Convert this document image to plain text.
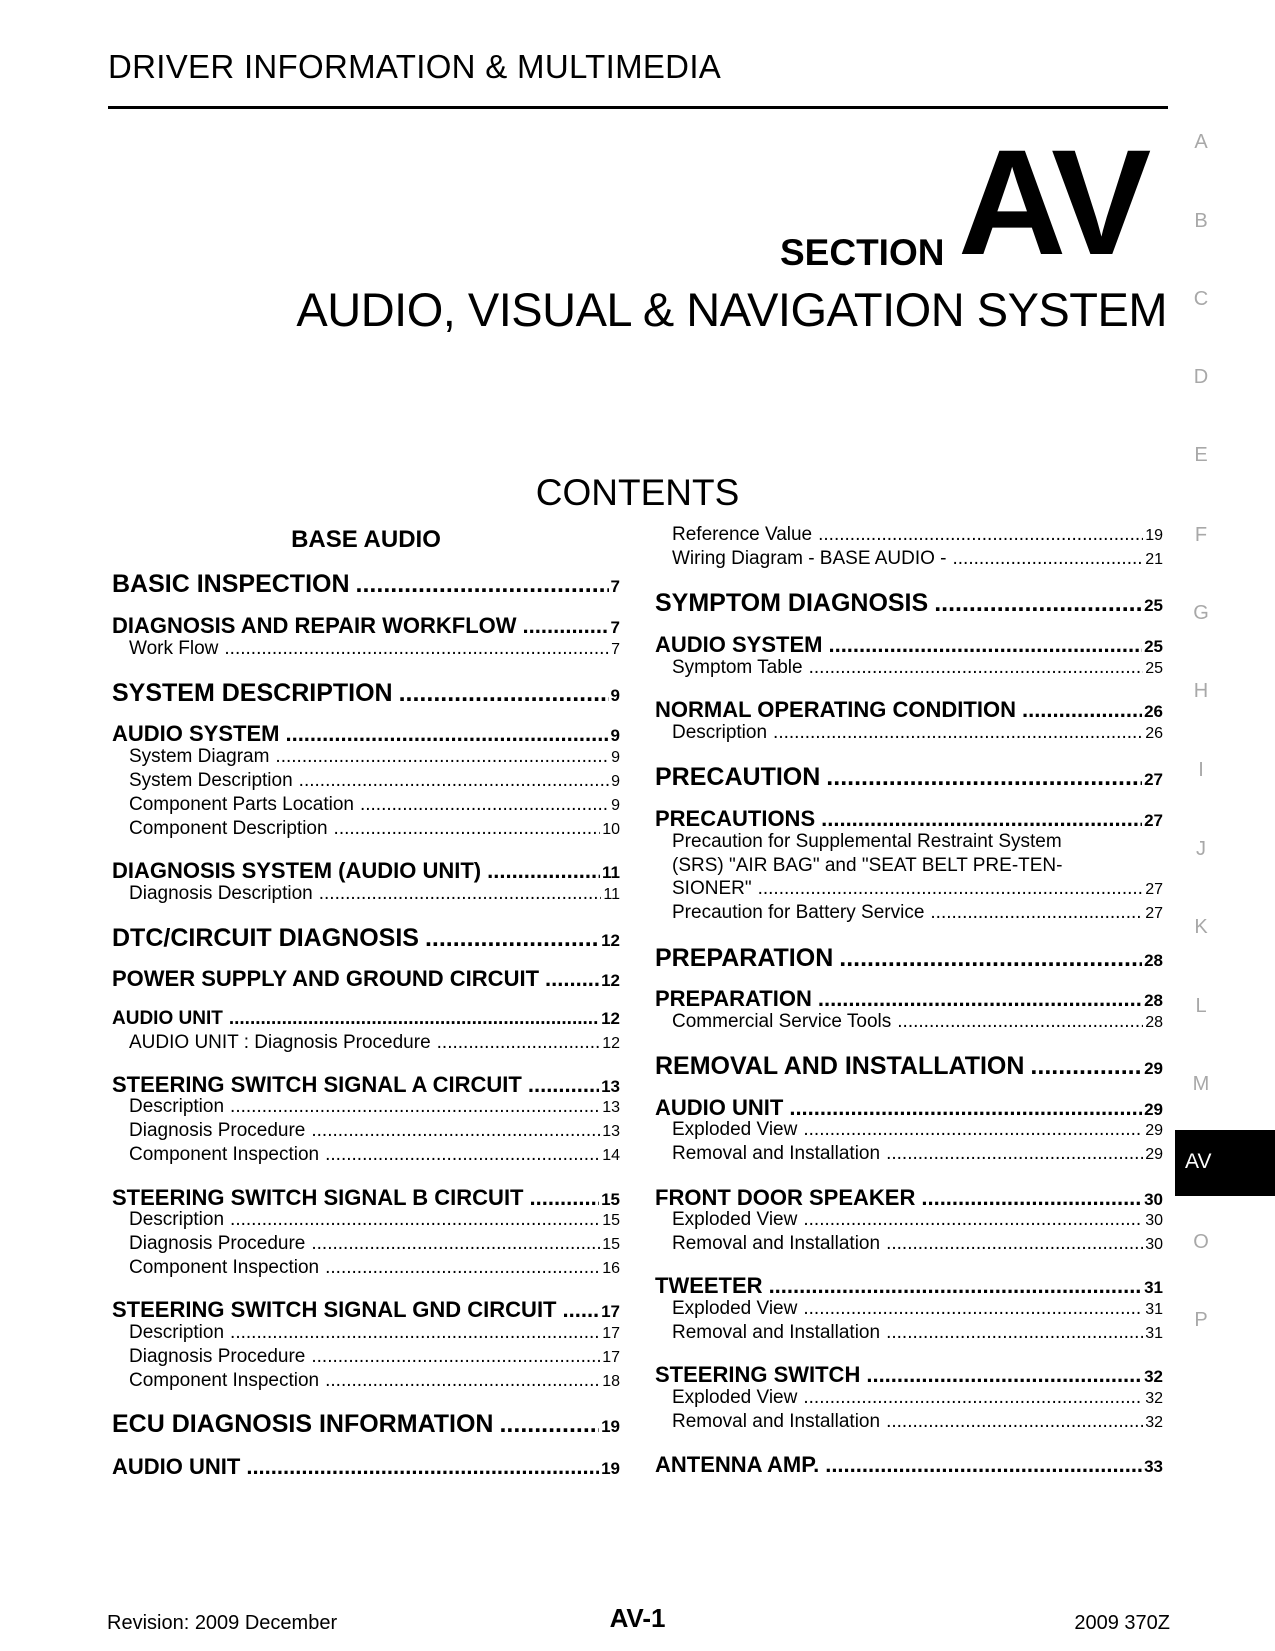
DRIVER INFORMATION & MULTIMEDIA
SECTION AV
AUDIO, VISUAL & NAVIGATION SYSTEM
CONTENTS
BASE AUDIO
BASIC INSPECTION .....	7
DIAGNOSIS AND REPAIR WORKFLOW .....	7
Work Flow .....	7
SYSTEM DESCRIPTION .....	9
AUDIO SYSTEM .....	9
System Diagram .....	9
System Description .....	9
Component Parts Location .....	9
Component Description .....	10
DIAGNOSIS SYSTEM (AUDIO UNIT) .....	11
Diagnosis Description .....	11
DTC/CIRCUIT DIAGNOSIS .....	12
POWER SUPPLY AND GROUND CIRCUIT .....	12
AUDIO UNIT .....	12
AUDIO UNIT : Diagnosis Procedure .....	12
STEERING SWITCH SIGNAL A CIRCUIT .....	13
Description .....	13
Diagnosis Procedure .....	13
Component Inspection .....	14
STEERING SWITCH SIGNAL B CIRCUIT .....	15
Description .....	15
Diagnosis Procedure .....	15
Component Inspection .....	16
STEERING SWITCH SIGNAL GND CIRCUIT .....	17
Description .....	17
Diagnosis Procedure .....	17
Component Inspection .....	18
ECU DIAGNOSIS INFORMATION .....	19
AUDIO UNIT .....	19
Reference Value .....	19
Wiring Diagram - BASE AUDIO - .....	21
SYMPTOM DIAGNOSIS .....	25
AUDIO SYSTEM .....	25
Symptom Table .....	25
NORMAL OPERATING CONDITION .....	26
Description .....	26
PRECAUTION .....	27
PRECAUTIONS .....	27
Precaution for Supplemental Restraint System
(SRS) "AIR BAG" and "SEAT BELT PRE-TEN-
SIONER" .....	27
Precaution for Battery Service .....	27
PREPARATION .....	28
PREPARATION .....	28
Commercial Service Tools .....	28
REMOVAL AND INSTALLATION .....	29
AUDIO UNIT .....	29
Exploded View .....	29
Removal and Installation .....	29
FRONT DOOR SPEAKER .....	30
Exploded View .....	30
Removal and Installation .....	30
TWEETER .....	31
Exploded View .....	31
Removal and Installation .....	31
STEERING SWITCH .....	32
Exploded View .....	32
Removal and Installation .....	32
ANTENNA AMP. .....	33
A
B
C
D
E
F
G
H
I
J
K
L
M
AV
O
P
Revision: 2009 December	AV-1	2009 370Z
